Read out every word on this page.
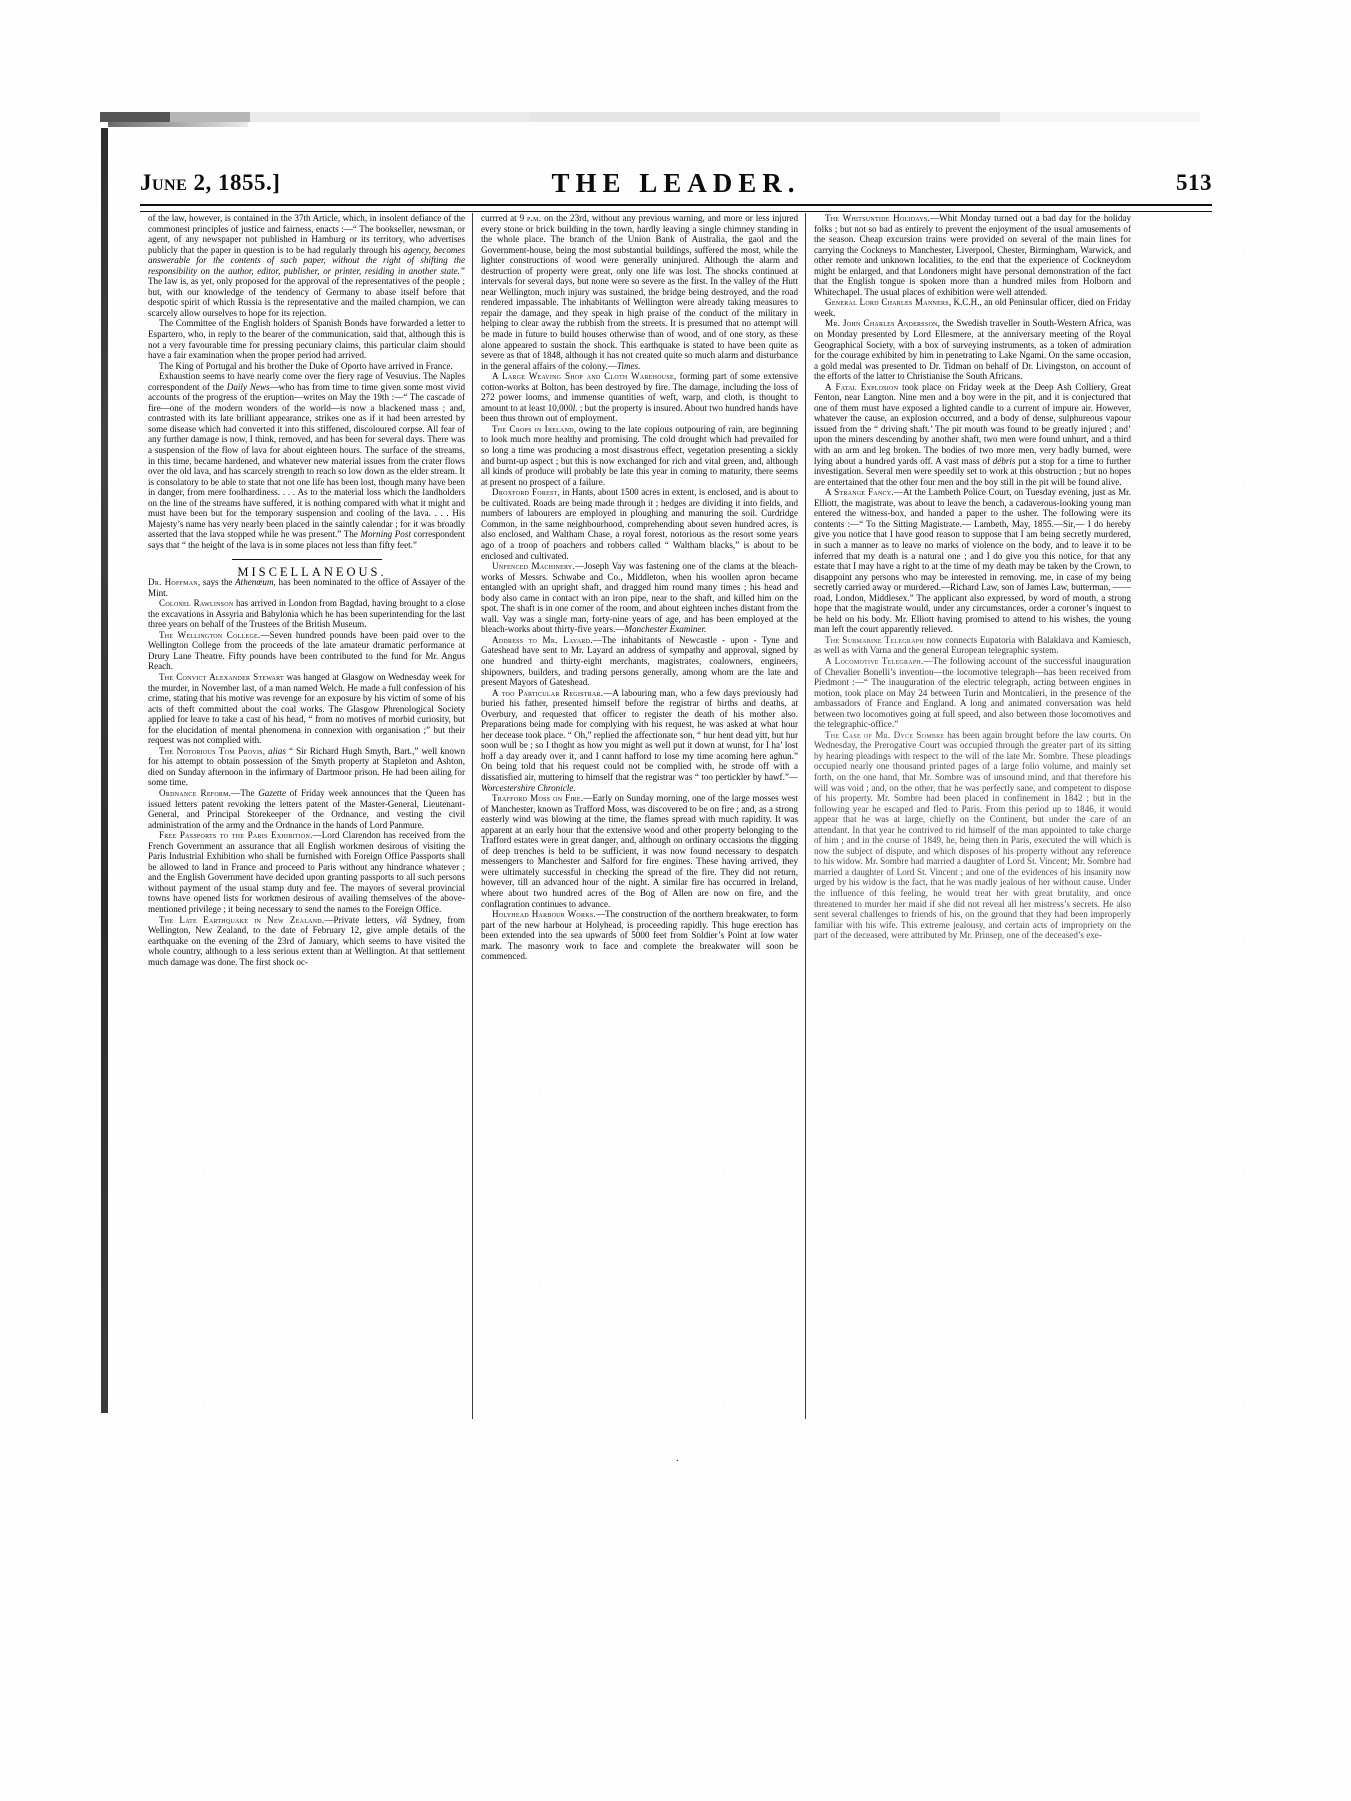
June 2, 1855.]	THE LEADER.	513

of the law, however, is contained in the 37th Article, which, in insolent defiance of the commonest principles of justice and fairness, enacts :—“ The bookseller, newsman, or agent, of any newspaper not published in Hamburg or its territory, who advertises publicly that the paper in question is to be had regularly through his agency, becomes answerable for the contents of such paper, without the right of shifting the responsibility on the author, editor, publisher, or printer, residing in another state.” The law is, as yet, only proposed for the approval of the representatives of the people ; but, with our knowledge of the tendency of Germany to abase itself before that despotic spirit of which Russia is the representative and the mailed champion, we can scarcely allow ourselves to hope for its rejection.

The Committee of the English holders of Spanish Bonds have forwarded a letter to Espartero, who, in reply to the bearer of the communication, said that, although this is not a very favourable time for pressing pecuniary claims, this particular claim should have a fair examination when the proper period had arrived.

The King of Portugal and his brother the Duke of Oporto have arrived in France.

Exhaustion seems to have nearly come over the fiery rage of Vesuvius. The Naples correspondent of the Daily News—who has from time to time given some most vivid accounts of the progress of the eruption—writes on May the 19th :—“ The cascade of fire—one of the modern wonders of the world—is now a blackened mass ; and, contrasted with its late brilliant appearance, strikes one as if it had been arrested by some disease which had converted it into this stiffened, discoloured corpse. All fear of any further damage is now, I think, removed, and has been for several days. There was a suspension of the flow of lava for about eighteen hours. The surface of the streams, in this time, became hardened, and whatever new material issues from the crater flows over the old lava, and has scarcely strength to reach so low down as the elder stream. It is consolatory to be able to state that not one life has been lost, though many have been in danger, from mere foolhardiness. . . . As to the material loss which the landholders on the line of the streams have suffered, it is nothing compared with what it might and must have been but for the temporary suspension and cooling of the lava. . . . His Majesty’s name has very nearly been placed in the saintly calendar ; for it was broadly asserted that the lava stopped while he was present.” The Morning Post correspondent says that “ the height of the lava is in some places not less than fifty feet.”

MISCELLANEOUS.

Dr. Hoffman, says the Athenœum, has been nominated to the office of Assayer of the Mint.

Colonel Rawlinson has arrived in London from Bagdad, having brought to a close the excavations in Assyria and Babylonia which he has been superintending for the last three years on behalf of the Trustees of the British Museum.

The Wellington College.—Seven hundred pounds have been paid over to the Wellington College from the proceeds of the late amateur dramatic performance at Drury Lane Theatre. Fifty pounds have been contributed to the fund for Mr. Angus Reach.

The Convict Alexander Stewart was hanged at Glasgow on Wednesday week for the murder, in November last, of a man named Welch. He made a full confession of his crime, stating that his motive was revenge for an exposure by his victim of some of his acts of theft committed about the coal works. The Glasgow Phrenological Society applied for leave to take a cast of his head, “ from no motives of morbid curiosity, but for the elucidation of mental phenomena in connexion with organisation ;” but their request was not complied with.

The Notorious Tom Provis, alias “ Sir Richard Hugh Smyth, Bart.,” well known for his attempt to obtain possession of the Smyth property at Stapleton and Ashton, died on Sunday afternoon in the infirmary of Dartmoor prison. He had been ailing for some time.

Ordnance Reform.—The Gazette of Friday week announces that the Queen has issued letters patent revoking the letters patent of the Master-General, Lieutenant-General, and Principal Storekeeper of the Ordnance, and vesting the civil administration of the army and the Ordnance in the hands of Lord Panmure.

Free Passports to the Paris Exhibition.—Lord Clarendon has received from the French Government an assurance that all English workmen desirous of visiting the Paris Industrial Exhibition who shall be furnished with Foreign Office Passports shall be allowed to land in France and proceed to Paris without any hindrance whatever ; and the English Government have decided upon granting passports to all such persons without payment of the usual stamp duty and fee. The mayors of several provincial towns have opened lists for workmen desirous of availing themselves of the above-mentioned privilege ; it being necessary to send the names to the Foreign Office.

The Late Earthquake in New Zealand.—Private letters, viâ Sydney, from Wellington, New Zealand, to the date of February 12, give ample details of the earthquake on the evening of the 23rd of January, which seems to have visited the whole country, although to a less serious extent than at Wellington. At that settlement much damage was done. The first shock oc-

currred at 9 p.m. on the 23rd, without any previous warning, and more or less injured every stone or brick building in the town, hardly leaving a single chimney standing in the whole place. The branch of the Union Bank of Australia, the gaol and the Government-house, being the most substantial buildings, suffered the most, while the lighter constructions of wood were generally uninjured. Although the alarm and destruction of property were great, only one life was lost. The shocks continued at intervals for several days, but none were so severe as the first. In the valley of the Hutt near Wellington, much injury was sustained, the bridge being destroyed, and the road rendered impassable. The inhabitants of Wellington were already taking measures to repair the damage, and they speak in high praise of the conduct of the military in helping to clear away the rubbish from the streets. It is presumed that no attempt will be made in future to build houses otherwise than of wood, and of one story, as these alone appeared to sustain the shock. This earthquake is stated to have been quite as severe as that of 1848, although it has not created quite so much alarm and disturbance in the general affairs of the colony.—Times.

A Large Weaving Shop and Cloth Warehouse, forming part of some extensive cotton-works at Bolton, has been destroyed by fire. The damage, including the loss of 272 power looms, and immense quantities of weft, warp, and cloth, is thought to amount to at least 10,000l. ; but the property is insured. About two hundred hands have been thus thrown out of employment.

The Crops in Ireland, owing to the late copious outpouring of rain, are beginning to look much more healthy and promising. The cold drought which had prevailed for so long a time was producing a most disastrous effect, vegetation presenting a sickly and burnt-up aspect ; but this is now exchanged for rich and vital green, and, although all kinds of produce will probably be late this year in coming to maturity, there seems at present no prospect of a failure.

Droxford Forest, in Hants, about 1500 acres in extent, is enclosed, and is about to be cultivated. Roads are being made through it ; hedges are dividing it into fields, and numbers of labourers are employed in ploughing and manuring the soil. Curdridge Common, in the same neighbourhood, comprehending about seven hundred acres, is also enclosed, and Waltham Chase, a royal forest, notorious as the resort some years ago of a troop of poachers and robbers called “ Waltham blacks,” is about to be enclosed and cultivated.

Unfenced Machinery.—Joseph Vay was fastening one of the clams at the bleach-works of Messrs. Schwabe and Co., Middleton, when his woollen apron became entangled with an upright shaft, and dragged him round many times ; his head and body also came in contact with an iron pipe, near to the shaft, and killed him on the spot. The shaft is in one corner of the room, and about eighteen inches distant from the wall. Vay was a single man, forty-nine years of age, and has been employed at the bleach-works about thirty-five years.—Manchester Examiner.

Address to Mr. Layard.—The inhabitants of Newcastle - upon - Tyne and Gateshead have sent to Mr. Layard an address of sympathy and approval, signed by one hundred and thirty-eight merchants, magistrates, coalowners, engineers, shipowners, builders, and trading persons generally, among whom are the late and present Mayors of Gateshead.

A too Particular Registrar.—A labouring man, who a few days previously had buried his father, presented himself before the registrar of births and deaths, at Overbury, and requested that officer to register the death of his mother also. Preparations being made for complying with his request, he was asked at what hour her decease took place. “ Oh,” replied the affectionate son, “ hur hent dead yitt, but hur soon wull be ; so I thoght as how you might as well put it down at wunst, for I ha’ lost hoff a day aready over it, and I cannt hafford to lose my time acoming here aghun.” On being told that his request could not be complied with, he strode off with a dissatisfied air, muttering to himself that the registrar was “ too pertickler by hawf.”—Worcestershire Chronicle.

Trafford Moss on Fire.—Early on Sunday morning, one of the large mosses west of Manchester, known as Trafford Moss, was discovered to be on fire ; and, as a strong easterly wind was blowing at the time, the flames spread with much rapidity. It was apparent at an early hour that the extensive wood and other property belonging to the Trafford estates were in great danger, and, although on ordinary occasions the digging of deep trenches is held to be sufficient, it was now found necessary to despatch messengers to Manchester and Salford for fire engines. These having arrived, they were ultimately successful in checking the spread of the fire. They did not return, however, till an advanced hour of the night. A similar fire has occurred in Ireland, where about two hundred acres of the Bog of Allen are now on fire, and the conflagration continues to advance.

Holyhead Harbour Works.—The construction of the northern breakwater, to form part of the new harbour at Holyhead, is proceeding rapidly. This huge erection has been extended into the sea upwards of 5000 feet from Soldier’s Point at low water mark. The masonry work to face and complete the breakwater will soon be commenced.

The Whitsuntide Holidays.—Whit Monday turned out a bad day for the holiday folks ; but not so bad as entirely to prevent the enjoyment of the usual amusements of the season. Cheap excursion trains were provided on several of the main lines for carrying the Cockneys to Manchester, Liverpool, Chester, Birmingham, Warwick, and other remote and unknown localities, to the end that the experience of Cockneydom might be enlarged, and that Londoners might have personal demonstration of the fact that the English tongue is spoken more than a hundred miles from Holborn and Whitechapel. The usual places of exhibition were well attended.

General Lord Charles Manners, K.C.H., an old Peninsular officer, died on Friday week.

Mr. John Charles Andersson, the Swedish traveller in South-Western Africa, was on Monday presented by Lord Ellesmere, at the anniversary meeting of the Royal Geographical Society, with a box of surveying instruments, as a token of admiration for the courage exhibited by him in penetrating to Lake Ngami. On the same occasion, a gold medal was presented to Dr. Tidman on behalf of Dr. Livingston, on account of the efforts of the latter to Christianise the South Africans.

A Fatal Explosion took place on Friday week at the Deep Ash Colliery, Great Fenton, near Langton. Nine men and a boy were in the pit, and it is conjectured that one of them must have exposed a lighted candle to a current of impure air. However, whatever the cause, an explosion occurred, and a body of dense, sulphureous vapour issued from the “ driving shaft.’ The pit mouth was found to be greatly injured ; and’ upon the miners descending by another shaft, two men were found unhurt, and a third with an arm and leg broken. The bodies of two more men, very badly burned, were lying about a hundred yards off. A vast mass of débris put a stop for a time to further investigation. Several men were speedily set to work at this obstruction ; but no hopes are entertained that the other four men and the boy still in the pit will be found alive.

A Strange Fancy.—At the Lambeth Police Court, on Tuesday evening, just as Mr. Elliott, the magistrate, was about to leave the bench, a cadaverous-looking young man entered the witness-box, and handed a paper to the usher. The following were its contents :—“ To the Sitting Magistrate.— Lambeth, May, 1855.—Sir,— I do hereby give you notice that I have good reason to suppose that I am being secretly murdered, in such a manner as to leave no marks of violence on the body, and to leave it to be inferred that my death is a natural one ; and I do give you this notice, for that any estate that I may have a right to at the time of my death may be taken by the Crown, to disappoint any persons who may be interested in removing. me, in case of my being secretly carried away or murdered.—Richard Law, son of James Law, butterman, ——road, London, Middlesex.” The applicant also expressed, by word of mouth, a strong hope that the magistrate would, under any circumstances, order a coroner’s inquest to be held on his body. Mr. Elliott having promised to attend to his wishes, the young man left the court apparently relieved.

The Submarine Telegraph now connects Eupatoria with Balaklava and Kamiesch, as well as with Varna and the general European telegraphic system.

A Locomotive Telegraph.—The following account of the successful inauguration of Chevalier Bonelli’s invention—the locomotive telegraph—has been received from Piedmont :—“ The inauguration of the electric telegraph, acting between engines in motion, took place on May 24 between Turin and Montcalieri, in the presence of the ambassadors of France and England. A long and animated conversation was held between two locomotives going at full speed, and also between those locomotives and the telegraphic-office.”

The Case of Mr. Dyce Sombre has been again brought before the law courts. On Wednesday, the Prerogative Court was occupied through the greater part of its sitting by hearing pleadings with respect to the will of the late Mr. Sombre. These pleadings occupied nearly one thousand printed pages of a large folio volume, and mainly set forth, on the one hand, that Mr. Sombre was of unsound mind, and that therefore his will was void ; and, on the other, that he was perfectly sane, and competent to dispose of his property. Mr. Sombre had been placed in confinement in 1842 ; but in the following year he escaped and fled to Paris. From this period up to 1846, it would appear that he was at large, chiefly on the Continent, but under the care of an attendant. In that year he contrived to rid himself of the man appointed to take charge of him ; and in the course of 1849, he, being then in Paris, executed the will which is now the subject of dispute, and which disposes of his property without any reference to his widow. Mr. Sombre had married a daughter of Lord St. Vincent; Mr. Sombre had married a daughter of Lord St. Vincent ; and one of the evidences of his insanity now urged by his widow is the fact, that he was madly jealous of her without cause. Under the influence of this feeling, he would treat her with great brutality, and once threatened to murder her maid if she did not reveal all her mistress’s secrets. He also sent several challenges to friends of his, on the ground that they had been improperly familiar with his wife. This extreme jealousy, and certain acts of impropriety on the part of the deceased, were attributed by Mr. Prinsep, one of the deceased’s exe-

.
